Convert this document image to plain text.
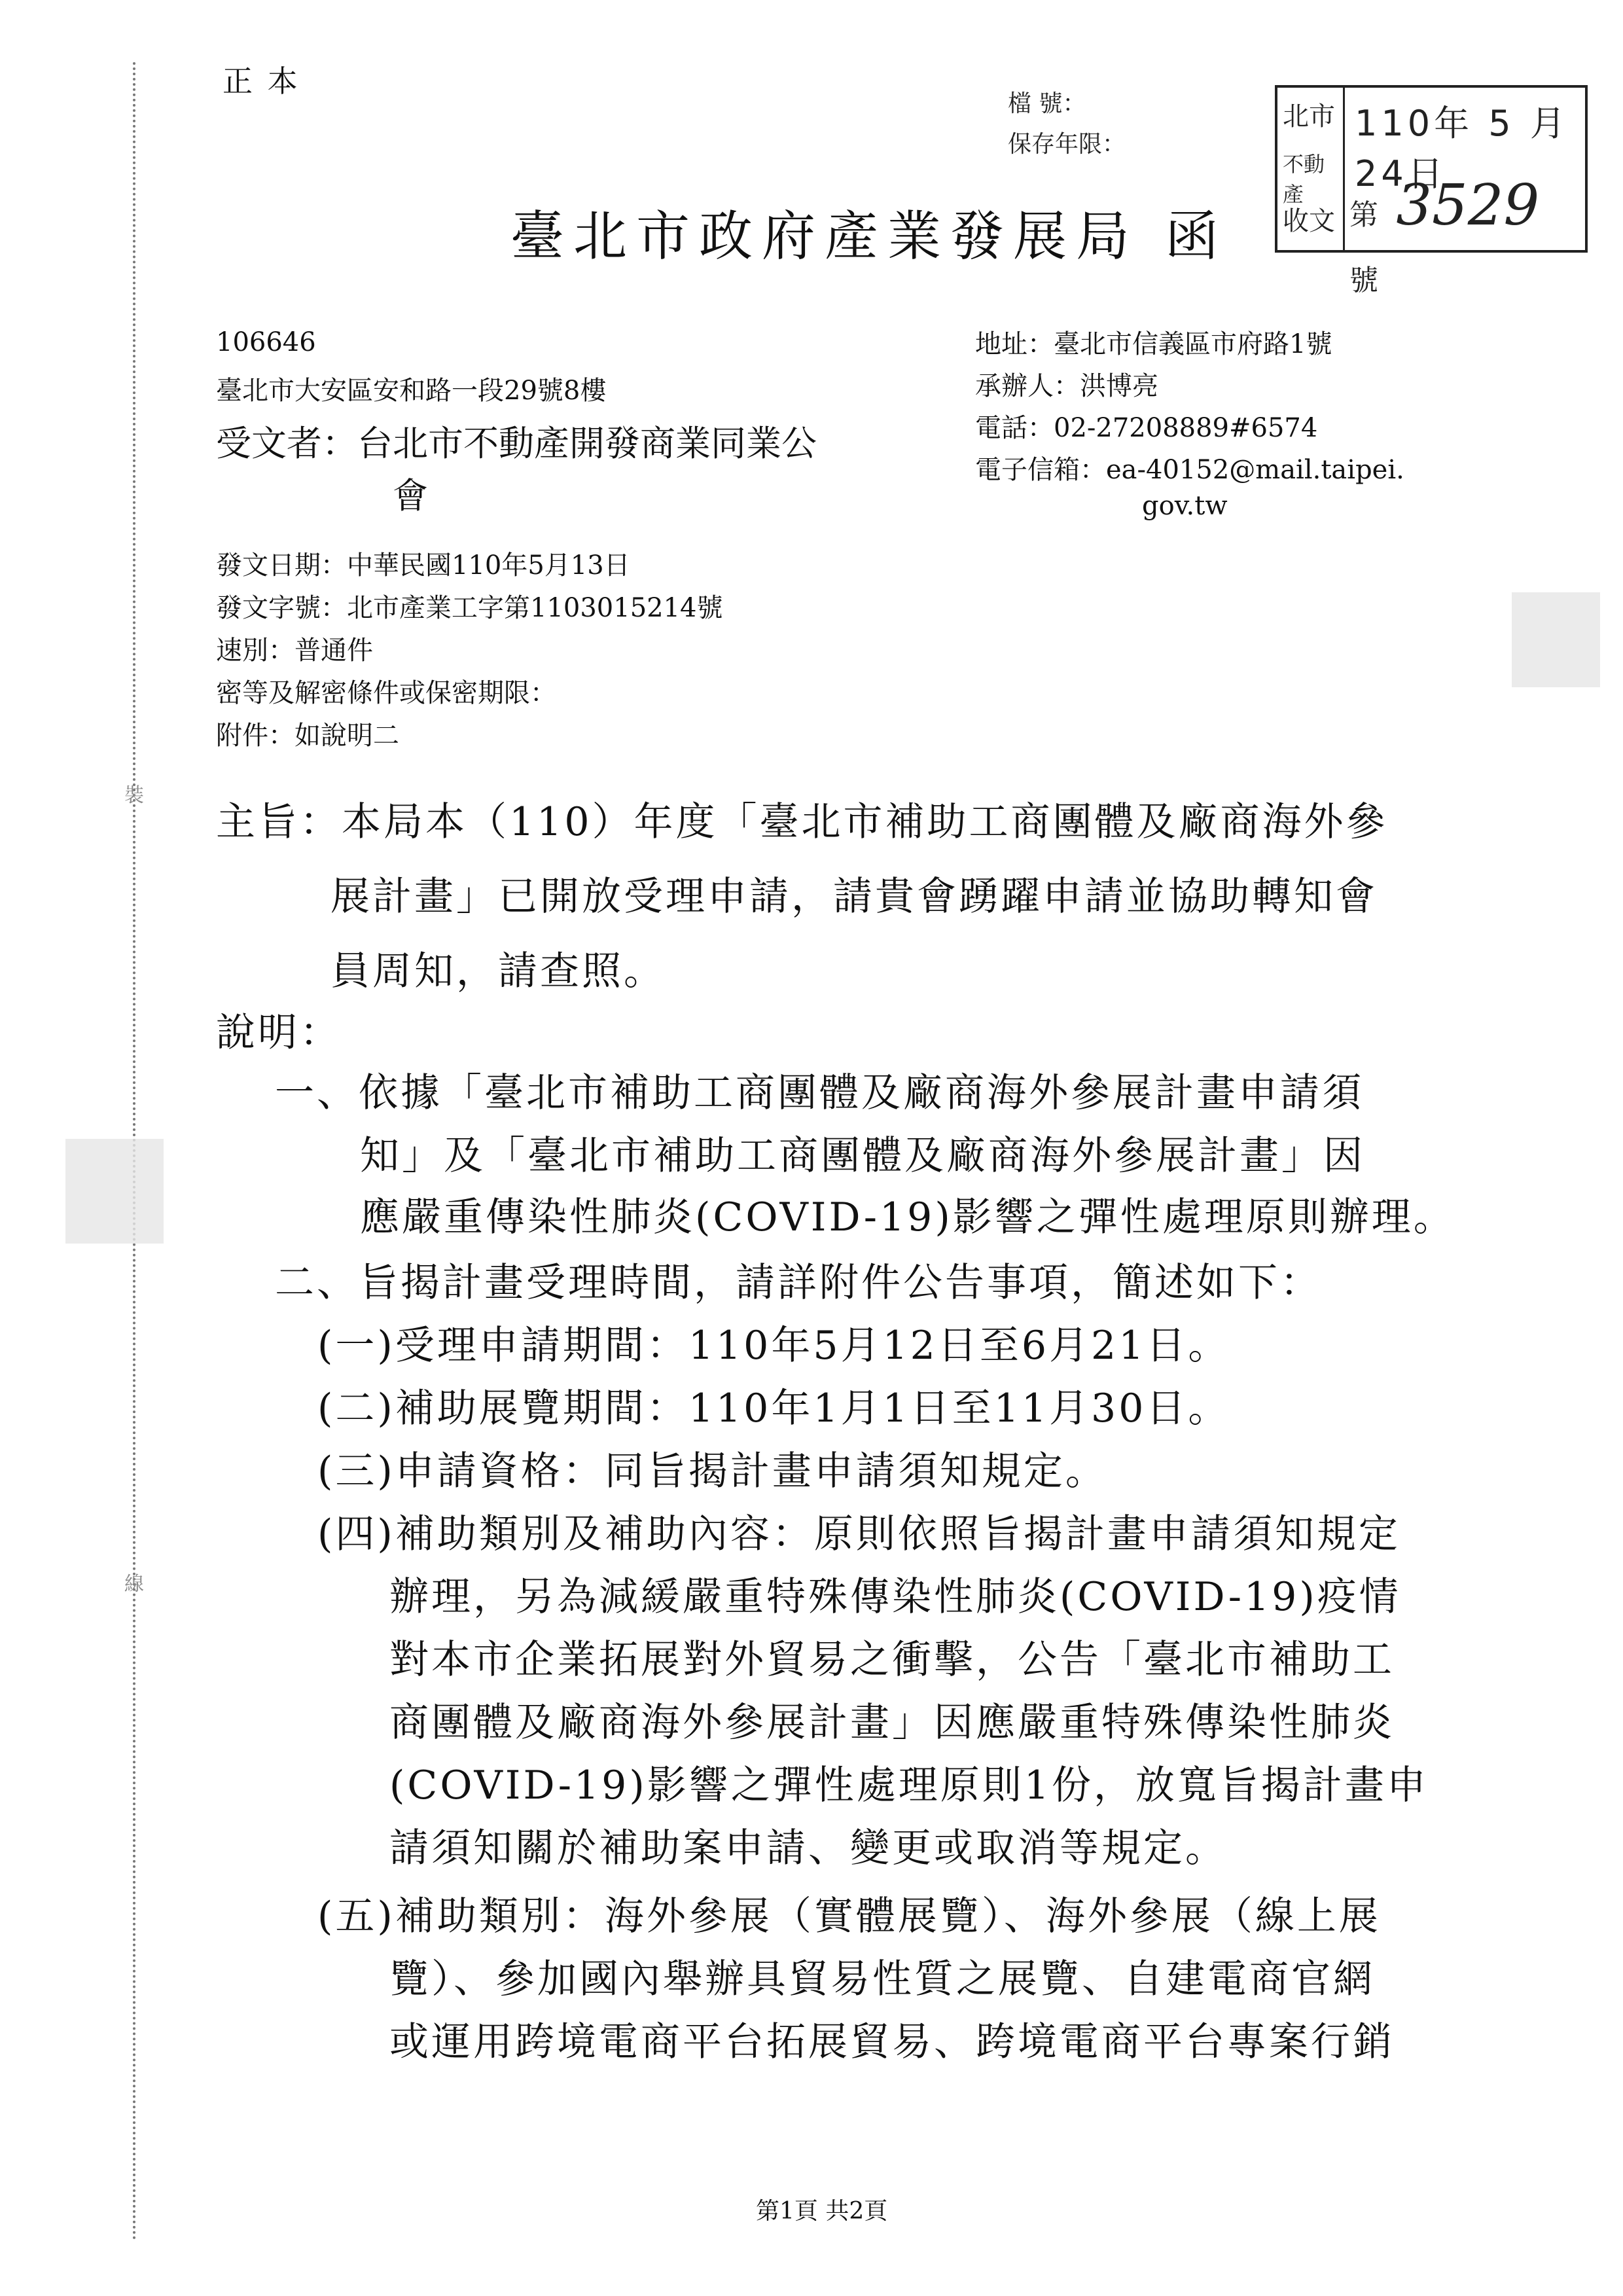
裝
線
正 本
檔 號：
保存年限：
北市
不動產
收文
110年 5 月24日
第 3529 號
臺北市政府產業發展局 函
106646
臺北市大安區安和路一段29號8樓
受文者：台北市不動產開發商業同業公
會
地址：臺北市信義區市府路1號
承辦人：洪博亮
電話：02-27208889#6574
電子信箱：ea-40152@mail.taipei.
gov.tw
發文日期：中華民國110年5月13日
發文字號：北市產業工字第1103015214號
速別：普通件
密等及解密條件或保密期限：
附件：如說明二
主旨：本局本（110）年度「臺北市補助工商團體及廠商海外參
展計畫」已開放受理申請，請貴會踴躍申請並協助轉知會
員周知，請查照。
說明：
一、依據「臺北市補助工商團體及廠商海外參展計畫申請須
知」及「臺北市補助工商團體及廠商海外參展計畫」因
應嚴重傳染性肺炎(COVID-19)影響之彈性處理原則辦理。
二、旨揭計畫受理時間，請詳附件公告事項，簡述如下：
(一)受理申請期間：110年5月12日至6月21日。
(二)補助展覽期間：110年1月1日至11月30日。
(三)申請資格：同旨揭計畫申請須知規定。
(四)補助類別及補助內容：原則依照旨揭計畫申請須知規定
辦理，另為減緩嚴重特殊傳染性肺炎(COVID-19)疫情
對本市企業拓展對外貿易之衝擊，公告「臺北市補助工
商團體及廠商海外參展計畫」因應嚴重特殊傳染性肺炎
(COVID-19)影響之彈性處理原則1份，放寬旨揭計畫申
請須知關於補助案申請、變更或取消等規定。
(五)補助類別：海外參展（實體展覽）、海外參展（線上展
覽）、參加國內舉辦具貿易性質之展覽、自建電商官網
或運用跨境電商平台拓展貿易、跨境電商平台專案行銷
第1頁 共2頁
